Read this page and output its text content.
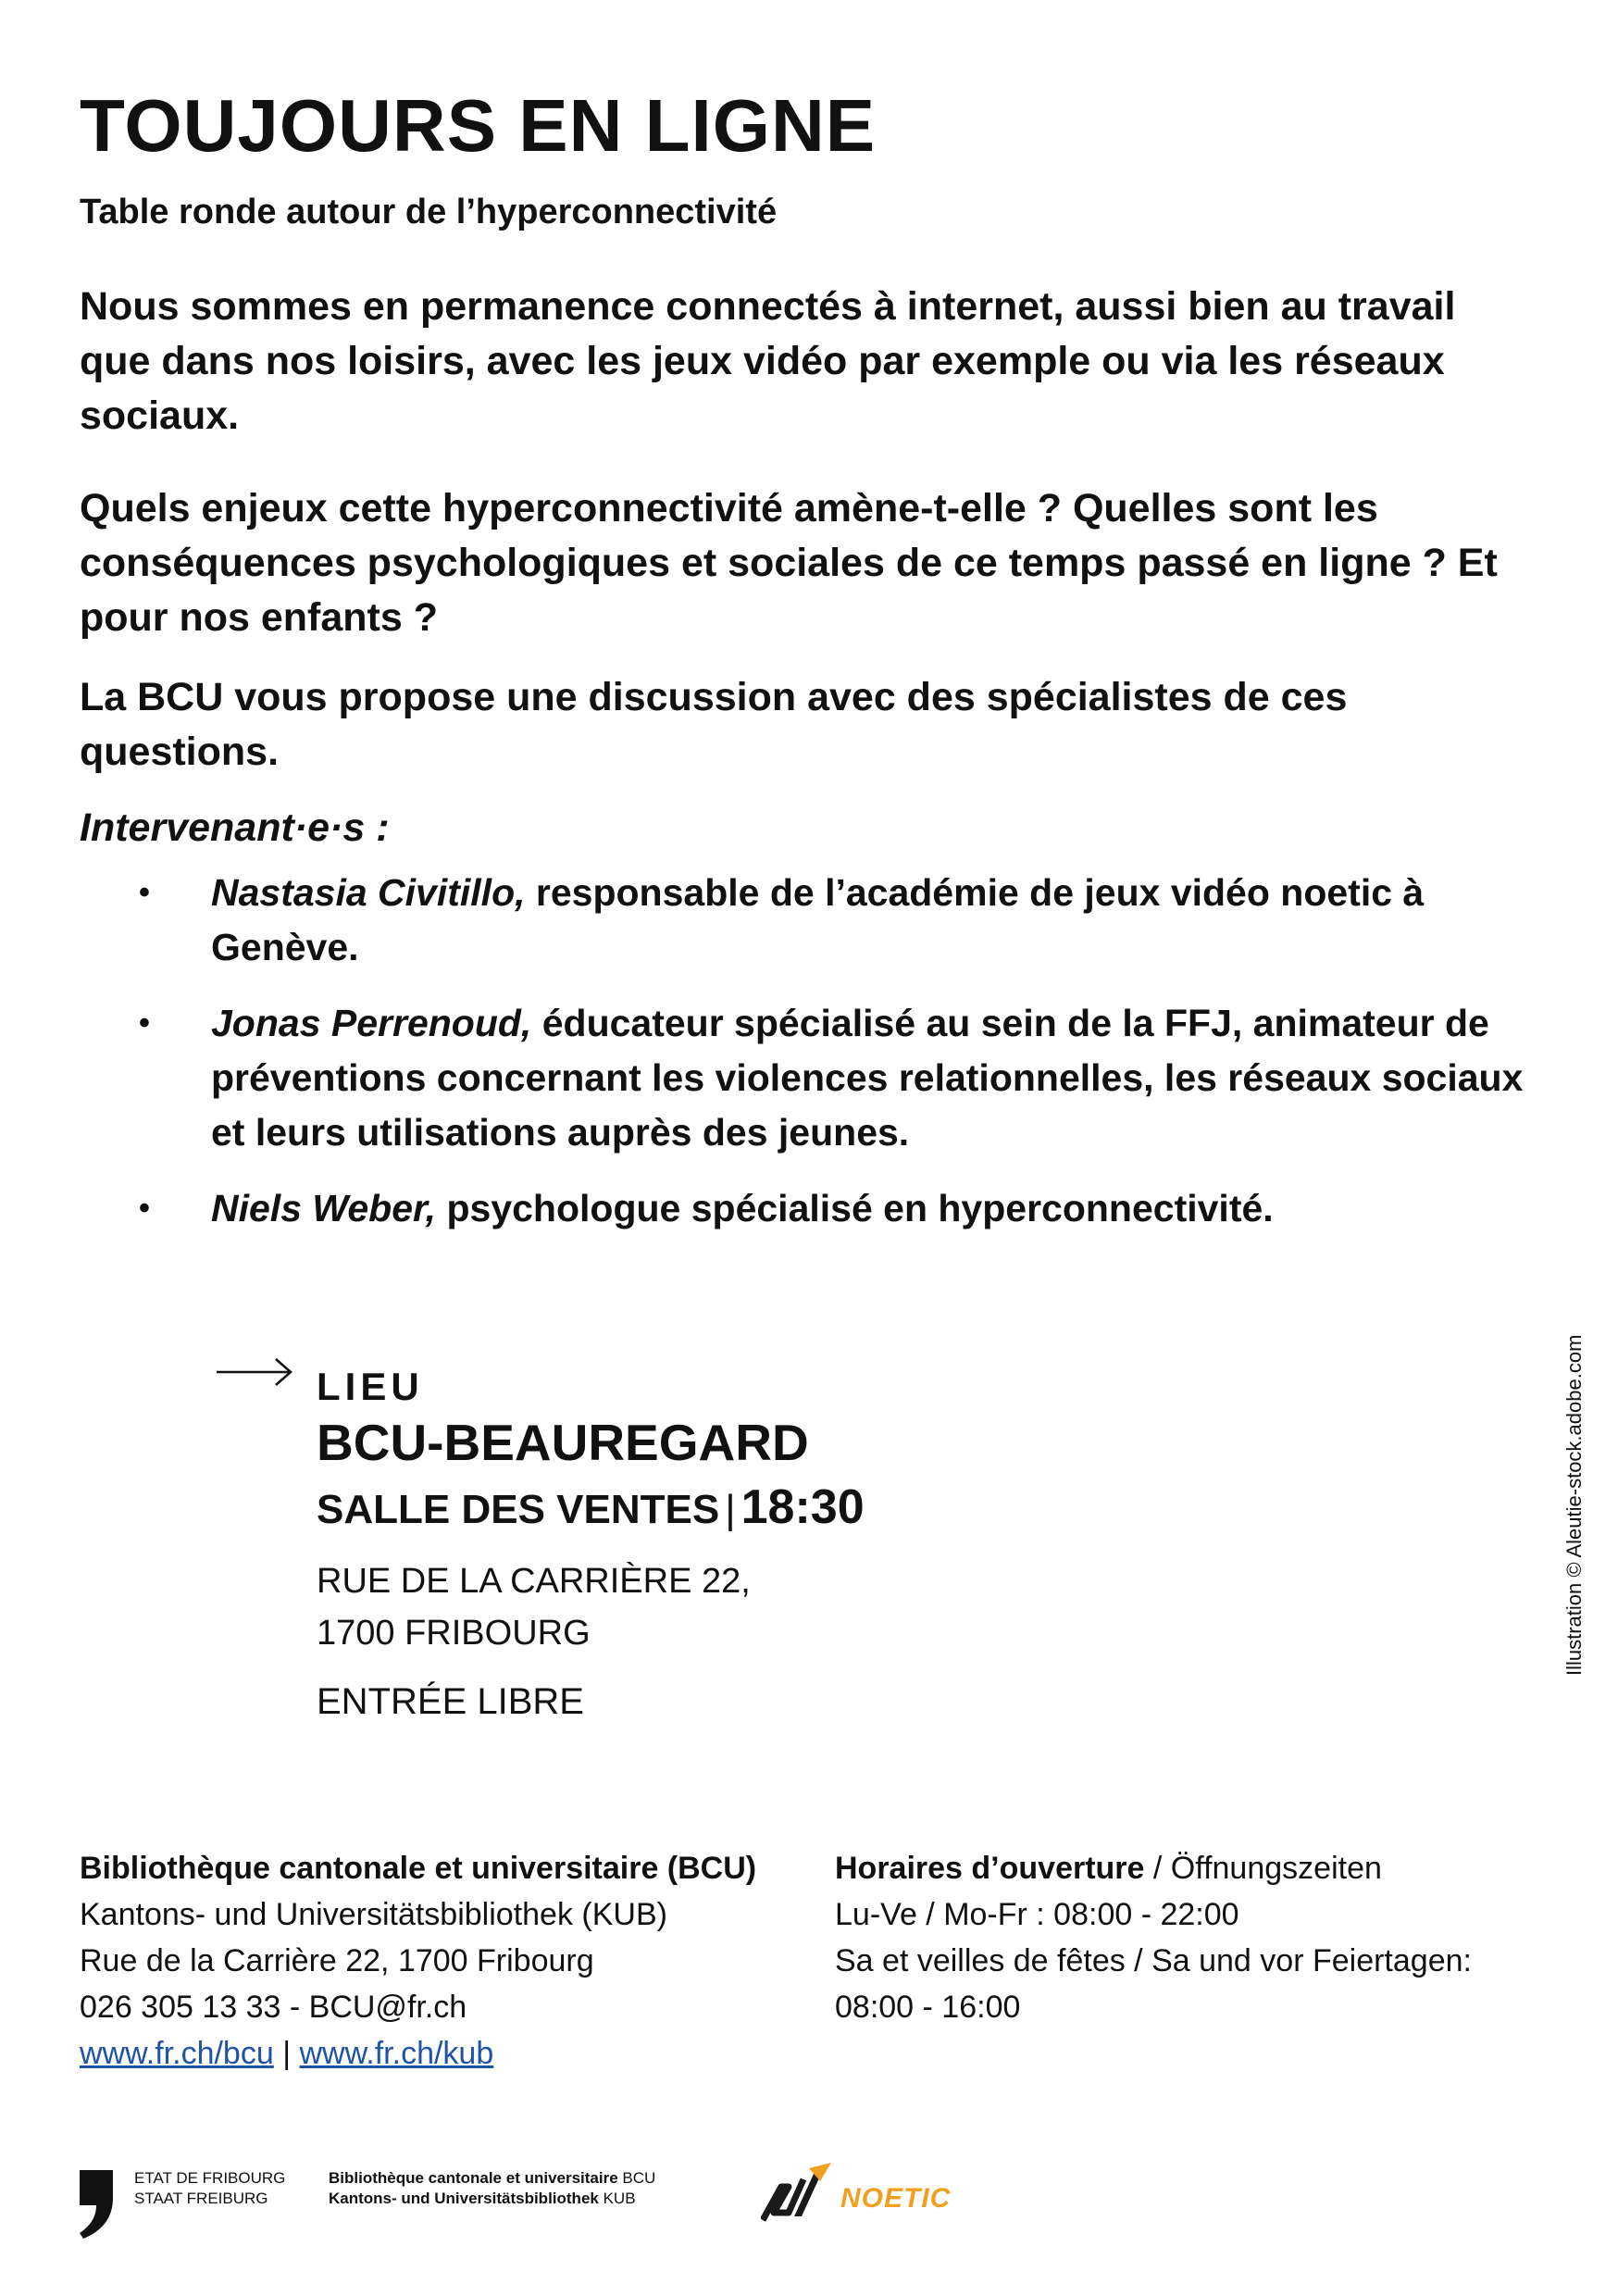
TOUJOURS EN LIGNE
Table ronde autour de l’hyperconnectivité

Nous sommes en permanence connectés à internet, aussi bien au travail que dans nos loisirs, avec les jeux vidéo par exemple ou via les réseaux sociaux.

Quels enjeux cette hyperconnectivité amène-t-elle ? Quelles sont les conséquences psychologiques et sociales de ce temps passé en ligne ? Et pour nos enfants ?

La BCU vous propose une discussion avec des spécialistes de ces questions.

Intervenant·e·s :
• Nastasia Civitillo, responsable de l’académie de jeux vidéo noetic à Genève.
• Jonas Perrenoud, éducateur spécialisé au sein de la FFJ, animateur de préventions concernant les violences relationnelles, les réseaux sociaux et leurs utilisations auprès des jeunes.
• Niels Weber, psychologue spécialisé en hyperconnectivité.
LIEU
BCU-BEAUREGARD
SALLE DES VENTES | 18:30
RUE DE LA CARRIÈRE 22,
1700 FRIBOURG
ENTRÉE LIBRE
Illustration © Aleutie-stock.adobe.com
Bibliothèque cantonale et universitaire (BCU)
Kantons- und Universitätsbibliothek (KUB)
Rue de la Carrière 22, 1700 Fribourg
026 305 13 33 - BCU@fr.ch
www.fr.ch/bcu | www.fr.ch/kub
Horaires d’ouverture / Öffnungszeiten
Lu-Ve / Mo-Fr : 08:00 - 22:00
Sa et veilles de fêtes / Sa und vor Feiertagen:
08:00 - 16:00
ETAT DE FRIBOURG
STAAT FREIBURG
Bibliothèque cantonale et universitaire BCU
Kantons- und Universitätsbibliothek KUB	NOETIC
